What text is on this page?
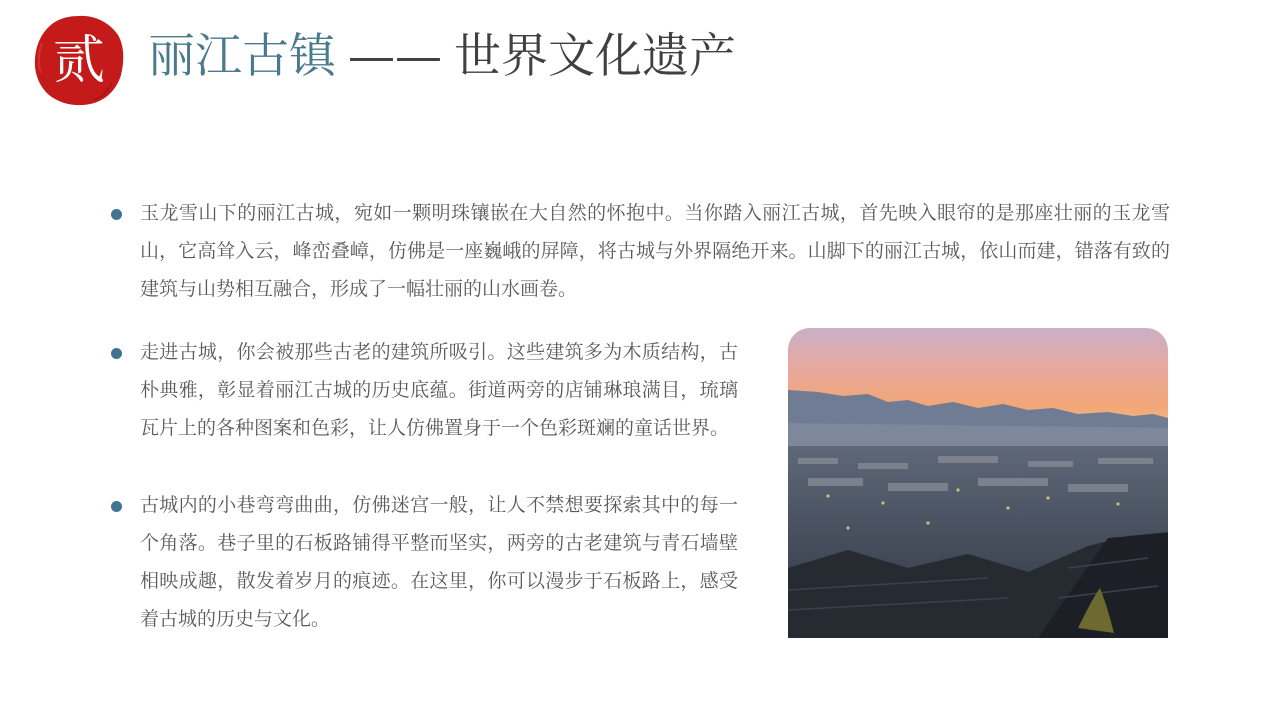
贰 丽江古镇 —— 世界文化遗产
玉龙雪山下的丽江古城，宛如一颗明珠镶嵌在大自然的怀抱中。当你踏入丽江古城，首先映入眼帘的是那座壮丽的玉龙雪山，它高耸入云，峰峦叠嶂，仿佛是一座巍峨的屏障，将古城与外界隔绝开来。山脚下的丽江古城，依山而建，错落有致的建筑与山势相互融合，形成了一幅壮丽的山水画卷。
走进古城，你会被那些古老的建筑所吸引。这些建筑多为木质结构，古朴典雅，彰显着丽江古城的历史底蕴。街道两旁的店铺琳琅满目，琉璃瓦片上的各种图案和色彩，让人仿佛置身于一个色彩斑斓的童话世界。
古城内的小巷弯弯曲曲，仿佛迷宫一般，让人不禁想要探索其中的每一个角落。巷子里的石板路铺得平整而坚实，两旁的古老建筑与青石墙壁相映成趣，散发着岁月的痕迹。在这里，你可以漫步于石板路上，感受着古城的历史与文化。
